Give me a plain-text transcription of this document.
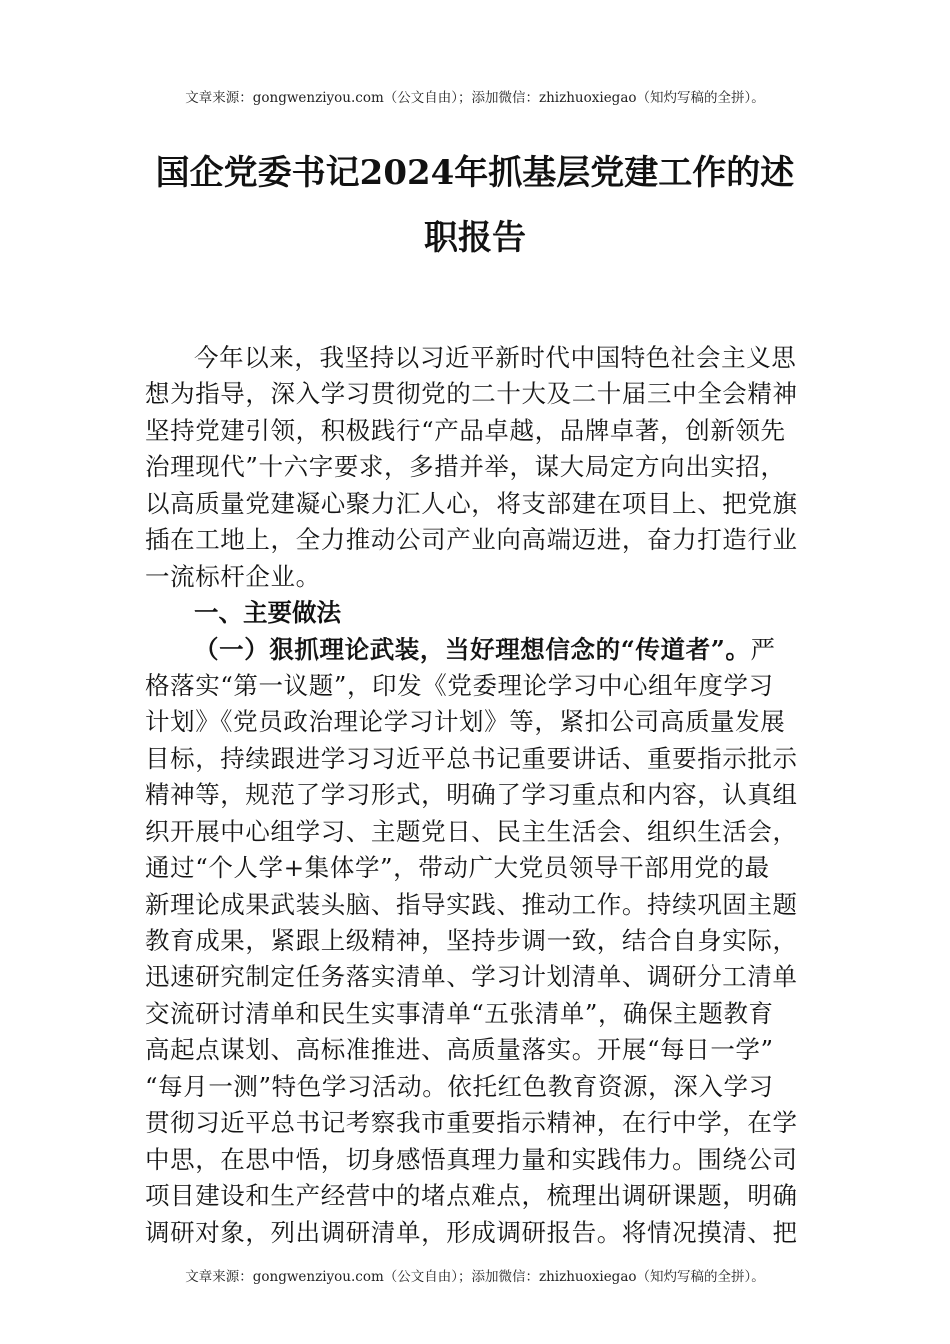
文章来源：gongwenziyou.com（公文自由）；添加微信：zhizhuoxiegao（知灼写稿的全拼）。
国企党委书记2024年抓基层党建工作的述
职报告
今年以来，我坚持以习近平新时代中国特色社会主义思
想为指导，深入学习贯彻党的二十大及二十届三中全会精神
坚持党建引领，积极践行“产品卓越，品牌卓著，创新领先
治理现代”十六字要求，多措并举，谋大局定方向出实招，
以高质量党建凝心聚力汇人心，将支部建在项目上、把党旗
插在工地上，全力推动公司产业向高端迈进，奋力打造行业
一流标杆企业。
一、主要做法
（一）狠抓理论武装，当好理想信念的“传道者”。严
格落实“第一议题”，印发《党委理论学习中心组年度学习
计划》《党员政治理论学习计划》等，紧扣公司高质量发展
目标，持续跟进学习习近平总书记重要讲话、重要指示批示
精神等，规范了学习形式，明确了学习重点和内容，认真组
织开展中心组学习、主题党日、民主生活会、组织生活会，
通过“个人学+集体学”，带动广大党员领导干部用党的最
新理论成果武装头脑、指导实践、推动工作。持续巩固主题
教育成果，紧跟上级精神，坚持步调一致，结合自身实际，
迅速研究制定任务落实清单、学习计划清单、调研分工清单
交流研讨清单和民生实事清单“五张清单”，确保主题教育
高起点谋划、高标准推进、高质量落实。开展“每日一学”
“每月一测”特色学习活动。依托红色教育资源，深入学习
贯彻习近平总书记考察我市重要指示精神，在行中学，在学
中思，在思中悟，切身感悟真理力量和实践伟力。围绕公司
项目建设和生产经营中的堵点难点，梳理出调研课题，明确
调研对象，列出调研清单，形成调研报告。将情况摸清、把
文章来源：gongwenziyou.com（公文自由）；添加微信：zhizhuoxiegao（知灼写稿的全拼）。
